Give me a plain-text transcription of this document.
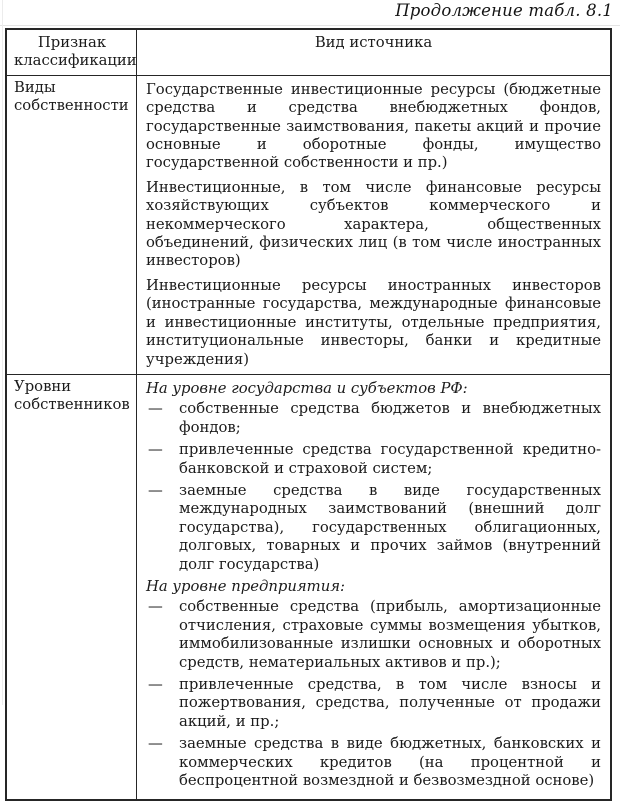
Продолжение табл. 8.1
Признак классификации
Вид источника
Виды собственности
Государственные инвестиционные ресурсы (бюджетные средства и средства внебюджетных фондов, государственные заимствования, пакеты акций и прочие основные и оборотные фонды, имущество государственной собственности и пр.)
Инвестиционные, в том числе финансовые ресурсы хозяйствующих субъектов коммерческого и некоммерческого характера, общественных объединений, физических лиц (в том числе иностранных инвесторов)
Инвестиционные ресурсы иностранных инвесторов (иностранные государства, международные финансовые и инвестиционные институты, отдельные предприятия, институциональные инвесторы, банки и кредитные учреждения)
Уровни собственников
На уровне государства и субъектов РФ:
— собственные средства бюджетов и внебюджетных фондов;
— привлеченные средства государственной кредитно-банковской и страховой систем;
— заемные средства в виде государственных международных заимствований (внешний долг государства), государственных облигационных, долговых, товарных и прочих займов (внутренний долг государства)
На уровне предприятия:
— собственные средства (прибыль, амортизационные отчисления, страховые суммы возмещения убытков, иммобилизованные излишки основных и оборотных средств, нематериальных активов и пр.);
— привлеченные средства, в том числе взносы и пожертвования, средства, полученные от продажи акций, и пр.;
— заемные средства в виде бюджетных, банковских и коммерческих кредитов (на процентной и беспроцентной возмездной и безвозмездной основе)
